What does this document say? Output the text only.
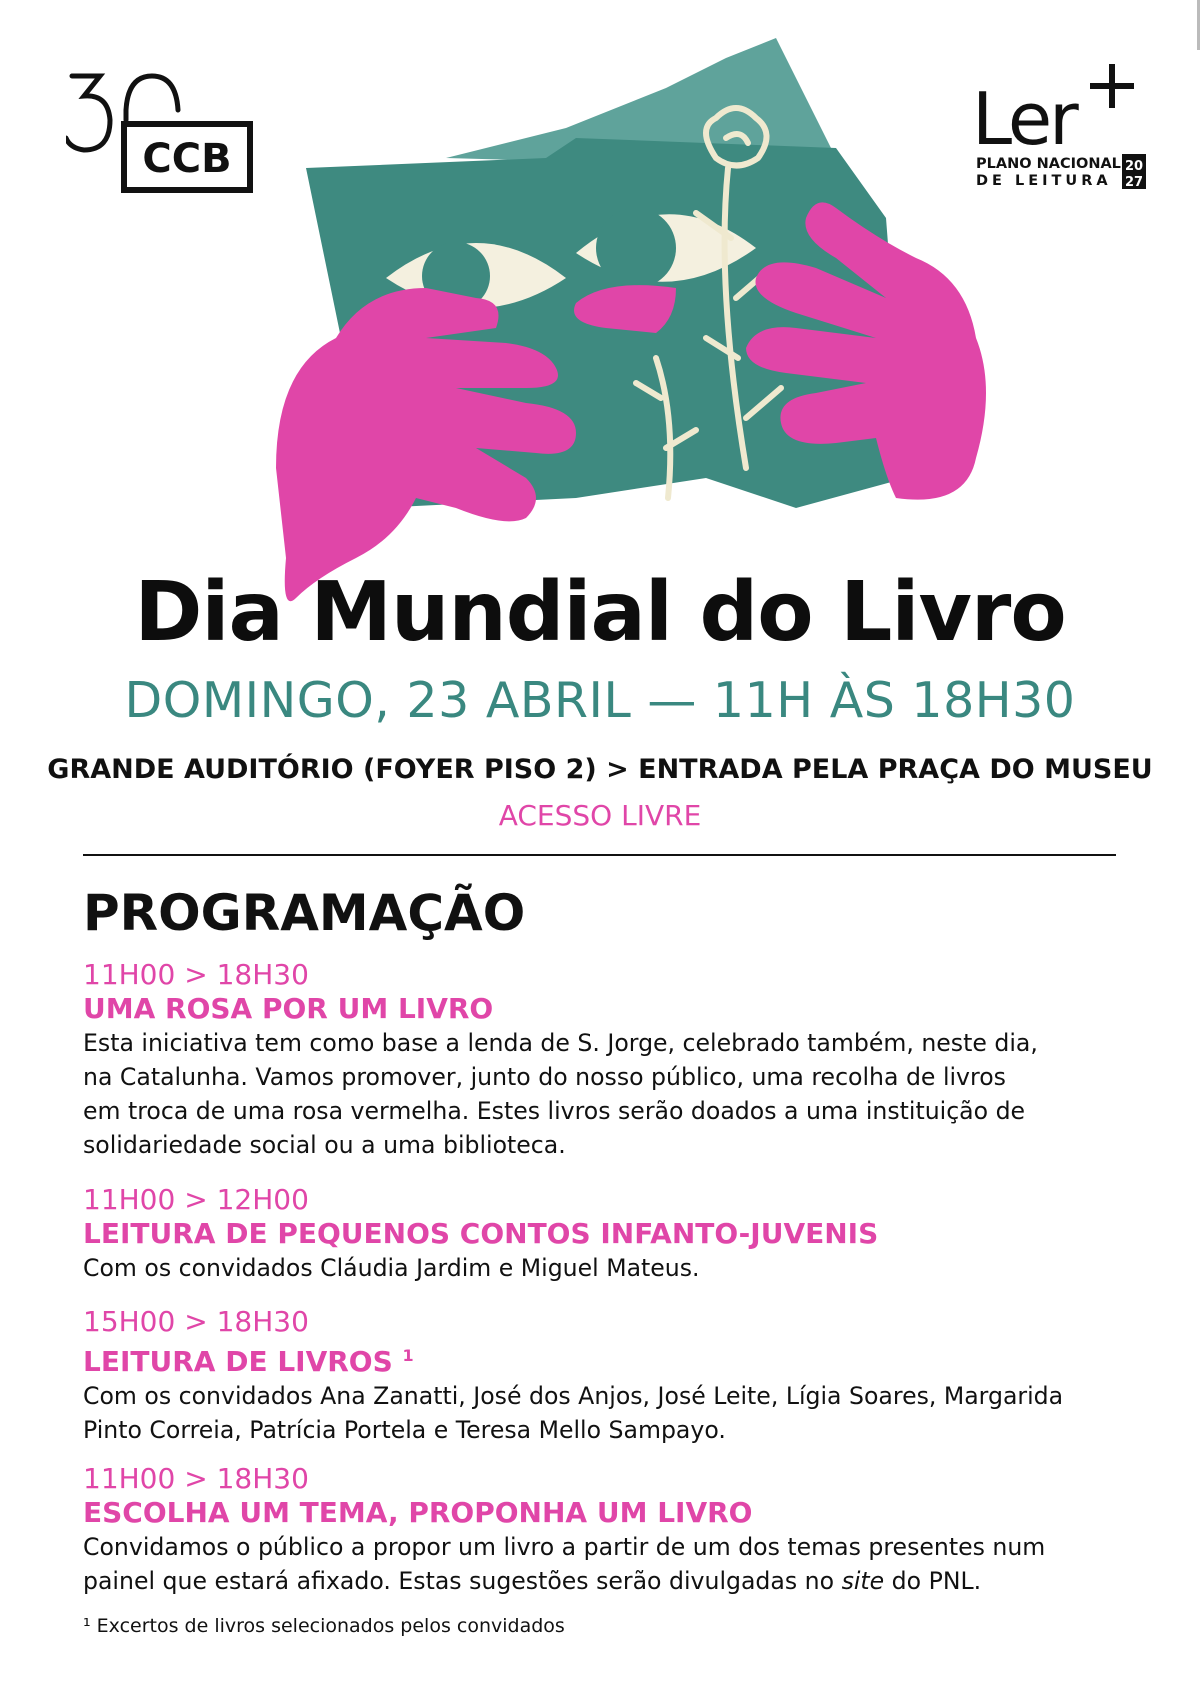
CCB	Ler
PLANO NACIONAL
DE LEITURA
20
27
Dia Mundial do Livro

DOMINGO, 23 ABRIL — 11H ÀS 18H30

GRANDE AUDITÓRIO (FOYER PISO 2) > ENTRADA PELA PRAÇA DO MUSEU

ACESSO LIVRE

PROGRAMAÇÃO

11H00 > 18H30

UMA ROSA POR UM LIVRO

Esta iniciativa tem como base a lenda de S. Jorge, celebrado também, neste dia,
na Catalunha. Vamos promover, junto do nosso público, uma recolha de livros
em troca de uma rosa vermelha. Estes livros serão doados a uma instituição de
solidariedade social ou a uma biblioteca.

11H00 > 12H00

LEITURA DE PEQUENOS CONTOS INFANTO-JUVENIS

Com os convidados Cláudia Jardim e Miguel Mateus.

15H00 > 18H30

LEITURA DE LIVROS $^1$

Com os convidados Ana Zanatti, José dos Anjos, José Leite, Lígia Soares, Margarida
Pinto Correia, Patrícia Portela e Teresa Mello Sampayo.

11H00 > 18H30

ESCOLHA UM TEMA, PROPONHA UM LIVRO

Convidamos o público a propor um livro a partir de um dos temas presentes num
painel que estará afixado. Estas sugestões serão divulgadas no site do PNL.

¹ Excertos de livros selecionados pelos convidados
